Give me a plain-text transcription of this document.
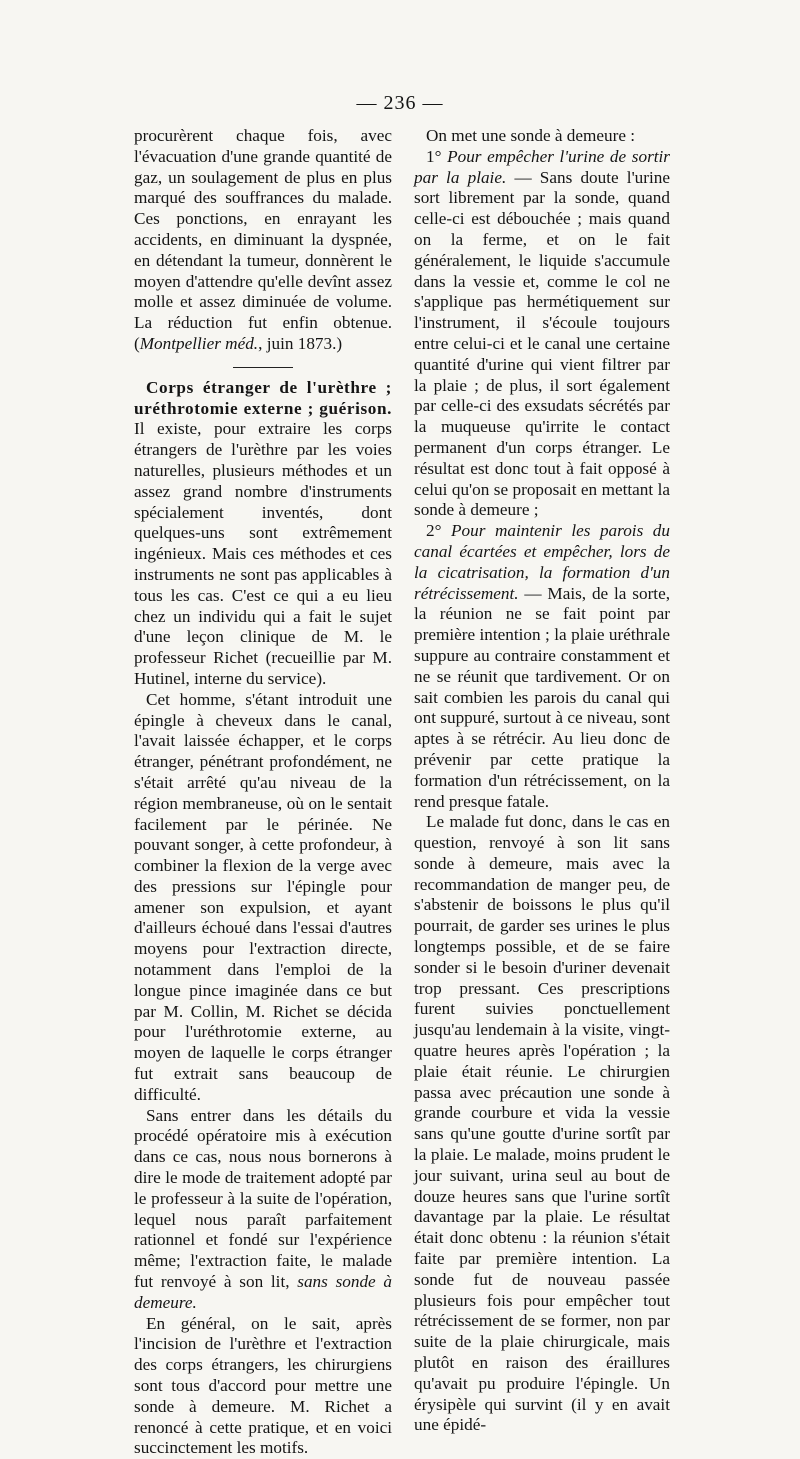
— 236 —

procurèrent chaque fois, avec l'évacuation d'une grande quantité de gaz, un soulagement de plus en plus marqué des souffrances du malade. Ces ponctions, en enrayant les accidents, en diminuant la dyspnée, en détendant la tumeur, donnèrent le moyen d'attendre qu'elle devînt assez molle et assez diminuée de volume. La réduction fut enfin obtenue. (Montpellier méd., juin 1873.)

Corps étranger de l'urèthre ; uréthrotomie externe ; guérison. Il existe, pour extraire les corps étrangers de l'urèthre par les voies naturelles, plusieurs méthodes et un assez grand nombre d'instruments spécialement inventés, dont quelques-uns sont extrêmement ingénieux. Mais ces méthodes et ces instruments ne sont pas applicables à tous les cas. C'est ce qui a eu lieu chez un individu qui a fait le sujet d'une leçon clinique de M. le professeur Richet (recueillie par M. Hutinel, interne du service).

Cet homme, s'étant introduit une épingle à cheveux dans le canal, l'avait laissée échapper, et le corps étranger, pénétrant profondément, ne s'était arrêté qu'au niveau de la région membraneuse, où on le sentait facilement par le périnée. Ne pouvant songer, à cette profondeur, à combiner la flexion de la verge avec des pressions sur l'épingle pour amener son expulsion, et ayant d'ailleurs échoué dans l'essai d'autres moyens pour l'extraction directe, notamment dans l'emploi de la longue pince imaginée dans ce but par M. Collin, M. Richet se décida pour l'uréthrotomie externe, au moyen de laquelle le corps étranger fut extrait sans beaucoup de difficulté.

Sans entrer dans les détails du procédé opératoire mis à exécution dans ce cas, nous nous bornerons à dire le mode de traitement adopté par le professeur à la suite de l'opération, lequel nous paraît parfaitement rationnel et fondé sur l'expérience même; l'extraction faite, le malade fut renvoyé à son lit, sans sonde à demeure.

En général, on le sait, après l'incision de l'urèthre et l'extraction des corps étrangers, les chirurgiens sont tous d'accord pour mettre une sonde à demeure. M. Richet a renoncé à cette pratique, et en voici succinctement les motifs.

On met une sonde à demeure :

1° Pour empêcher l'urine de sortir par la plaie. — Sans doute l'urine sort librement par la sonde, quand celle-ci est débouchée ; mais quand on la ferme, et on le fait généralement, le liquide s'accumule dans la vessie et, comme le col ne s'applique pas hermétiquement sur l'instrument, il s'écoule toujours entre celui-ci et le canal une certaine quantité d'urine qui vient filtrer par la plaie ; de plus, il sort également par celle-ci des exsudats sécrétés par la muqueuse qu'irrite le contact permanent d'un corps étranger. Le résultat est donc tout à fait opposé à celui qu'on se proposait en mettant la sonde à demeure ;

2° Pour maintenir les parois du canal écartées et empêcher, lors de la cicatrisation, la formation d'un rétrécissement. — Mais, de la sorte, la réunion ne se fait point par première intention ; la plaie uréthrale suppure au contraire constamment et ne se réunit que tardivement. Or on sait combien les parois du canal qui ont suppuré, surtout à ce niveau, sont aptes à se rétrécir. Au lieu donc de prévenir par cette pratique la formation d'un rétrécissement, on la rend presque fatale.

Le malade fut donc, dans le cas en question, renvoyé à son lit sans sonde à demeure, mais avec la recommandation de manger peu, de s'abstenir de boissons le plus qu'il pourrait, de garder ses urines le plus longtemps possible, et de se faire sonder si le besoin d'uriner devenait trop pressant. Ces prescriptions furent suivies ponctuellement jusqu'au lendemain à la visite, vingt-quatre heures après l'opération ; la plaie était réunie. Le chirurgien passa avec précaution une sonde à grande courbure et vida la vessie sans qu'une goutte d'urine sortît par la plaie. Le malade, moins prudent le jour suivant, urina seul au bout de douze heures sans que l'urine sortît davantage par la plaie. Le résultat était donc obtenu : la réunion s'était faite par première intention. La sonde fut de nouveau passée plusieurs fois pour empêcher tout rétrécissement de se former, non par suite de la plaie chirurgicale, mais plutôt en raison des éraillures qu'avait pu produire l'épingle. Un érysipèle qui survint (il y en avait une épidé-
